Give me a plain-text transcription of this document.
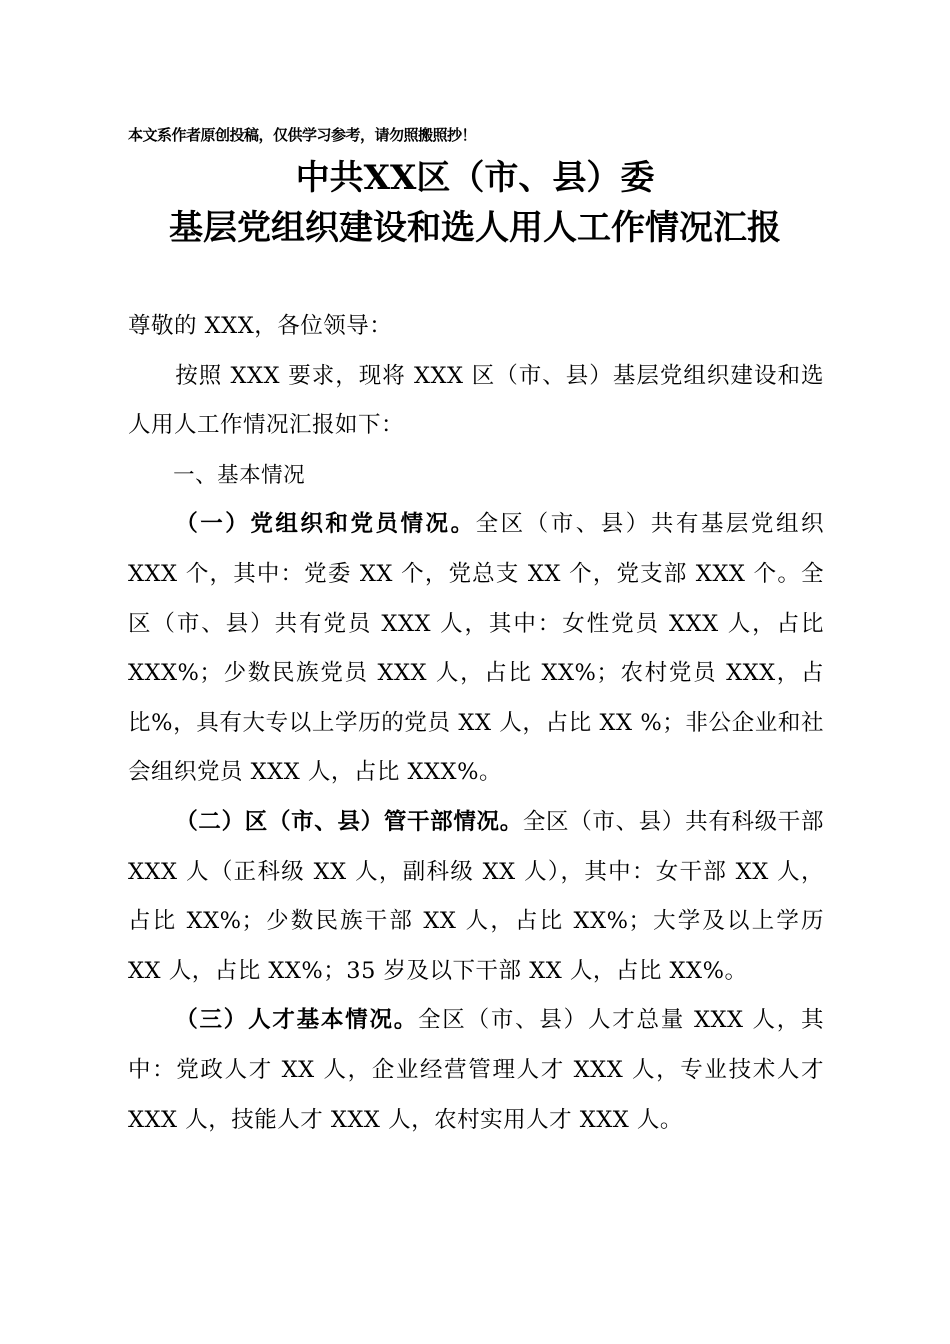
本文系作者原创投稿，仅供学习参考，请勿照搬照抄！
中共XX区（市、县）委
基层党组织建设和选人用人工作情况汇报

尊敬的 XXX，各位领导：

按照 XXX 要求，现将 XXX 区（市、县）基层党组织建设和选人用人工作情况汇报如下：

一、基本情况

（一）党组织和党员情况。全区（市、县）共有基层党组织 XXX 个，其中：党委 XX 个，党总支 XX 个，党支部 XXX 个。全区（市、县）共有党员 XXX 人，其中：女性党员 XXX 人，占比 XXX%；少数民族党员 XXX 人，占比 XX%；农村党员 XXX，占比%，具有大专以上学历的党员 XX 人，占比 XX %；非公企业和社会组织党员 XXX 人，占比 XXX%。

（二）区（市、县）管干部情况。全区（市、县）共有科级干部 XXX 人（正科级 XX 人，副科级 XX 人），其中：女干部 XX 人，占比 XX%；少数民族干部 XX 人，占比 XX%；大学及以上学历 XX 人，占比 XX%；35 岁及以下干部 XX 人，占比 XX%。

（三）人才基本情况。全区（市、县）人才总量 XXX 人，其中：党政人才 XX 人，企业经营管理人才 XXX 人，专业技术人才 XXX 人，技能人才 XXX 人，农村实用人才 XXX 人。
